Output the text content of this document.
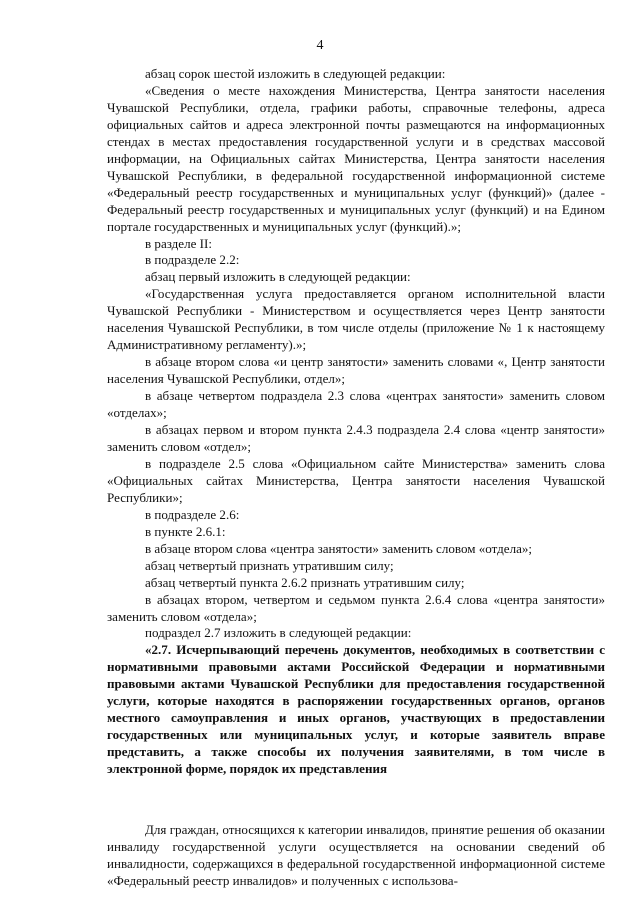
4

абзац сорок шестой изложить в следующей редакции:

«Сведения о месте нахождения Министерства, Центра занятости населения Чувашской Республики, отдела, графики работы, справочные телефоны, адреса официальных сайтов и адреса электронной почты размещаются на информационных стендах в местах предоставления государственной услуги и в средствах массовой информации, на Официальных сайтах Министерства, Центра занятости населения Чувашской Республики, в федеральной государственной информационной системе «Федеральный реестр государственных и муниципальных услуг (функций)» (далее - Федеральный реестр государственных и муниципальных услуг (функций) и на Едином портале государственных и муниципальных услуг (функций).»;

в разделе II:

в подразделе 2.2:

абзац первый изложить в следующей редакции:

«Государственная услуга предоставляется органом исполнительной власти Чувашской Республики - Министерством и осуществляется через Центр занятости населения Чувашской Республики, в том числе отделы (приложение № 1 к настоящему Административному регламенту).»;

в абзаце втором слова «и центр занятости» заменить словами «, Центр занятости населения Чувашской Республики, отдел»;

в абзаце четвертом подраздела 2.3 слова «центрах занятости» заменить словом «отделах»;

в абзацах первом и втором пункта 2.4.3 подраздела 2.4 слова «центр занятости» заменить словом «отдел»;

в подразделе 2.5 слова «Официальном сайте Министерства» заменить слова «Официальных сайтах Министерства, Центра занятости населения Чувашской Республики»;

в подразделе 2.6:

в пункте 2.6.1:

в абзаце втором слова «центра занятости» заменить словом «отдела»;

абзац четвертый признать утратившим силу;

абзац четвертый пункта 2.6.2 признать утратившим силу;

в абзацах втором, четвертом и седьмом пункта 2.6.4 слова «центра занятости» заменить словом «отдела»;

подраздел 2.7 изложить в следующей редакции:

«2.7. Исчерпывающий перечень документов, необходимых в соответствии с нормативными правовыми актами Российской Федерации и нормативными правовыми актами Чувашской Республики для предоставления государственной услуги, которые находятся в распоряжении государственных органов, органов местного самоуправления и иных органов, участвующих в предоставлении государственных или муниципальных услуг, и которые заявитель вправе представить, а также способы их получения заявителями, в том числе в электронной форме, порядок их представления

Для граждан, относящихся к категории инвалидов, принятие решения об оказании инвалиду государственной услуги осуществляется на основании сведений об инвалидности, содержащихся в федеральной государственной информационной системе «Федеральный реестр инвалидов» и полученных с использова-
